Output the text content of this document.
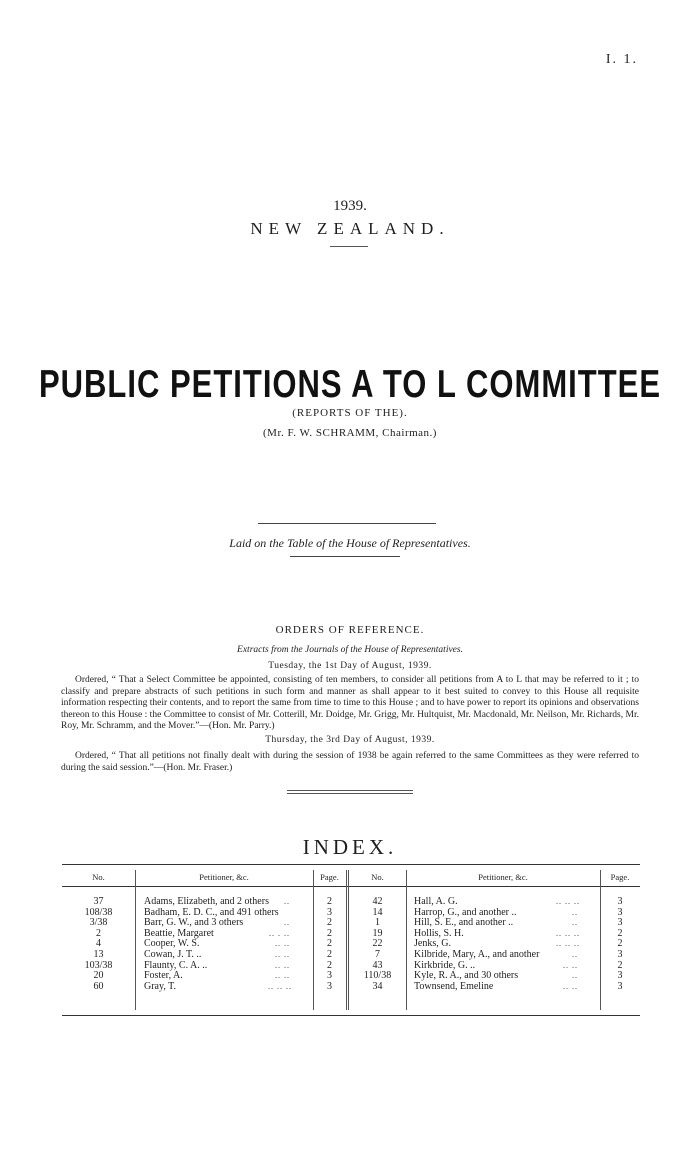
I. 1.
1939.
NEW ZEALAND.
PUBLIC PETITIONS A TO L COMMITTEE
(REPORTS OF THE).
(Mr. F. W. SCHRAMM, Chairman.)
Laid on the Table of the House of Representatives.
ORDERS OF REFERENCE.
Extracts from the Journals of the House of Representatives.
Tuesday, the 1st Day of August, 1939.

Ordered, “ That a Select Committee be appointed, consisting of ten members, to consider all petitions from A to L that may be referred to it ; to classify and prepare abstracts of such petitions in such form and manner as shall appear to it best suited to convey to this House all requisite information respecting their contents, and to report the same from time to time to this House ; and to have power to report its opinions and observations thereon to this House : the Committee to consist of Mr. Cotterill, Mr. Doidge, Mr. Grigg, Mr. Hultquist, Mr. Macdonald, Mr. Neilson, Mr. Richards, Mr. Roy, Mr. Schramm, and the Mover.”—(Hon. Mr. Parry.)

Thursday, the 3rd Day of August, 1939.

Ordered, “ That all petitions not finally dealt with during the session of 1938 be again referred to the same Committees as they were referred to during the said session.”—(Hon. Mr. Fraser.)

INDEX.
No.	Petitioner, &c.	Page.	No.	Petitioner, &c.	Page.
37	Adams, Elizabeth, and 2 others	..	2
108/38	Badham, E. D. C., and 491 others	3
3/38	Barr, G. W., and 3 others	..	2
2	Beattie, Margaret	.. . ..	2
4	Cooper, W. S.	.. ..	2
13	Cowan, J. T. ..	.. ..	2
103/38	Flaunty, C. A. ..	.. ..	2
20	Foster, A.	.. ..	3
60	Gray, T.	.. .. ..	3
42	Hall, A. G.	.. .. ..	3
14	Harrop, G., and another ..	..	3
1	Hill, S. E., and another ..	..	3
19	Hollis, S. H.	.. .. ..	2
22	Jenks, G.	.. .. ..	2
7	Kilbride, Mary, A., and another	..	3
43	Kirkbride, G. ..	.. ..	2
110/38	Kyle, R. A., and 30 others	..	3
34	Townsend, Emeline	.. ..	3
